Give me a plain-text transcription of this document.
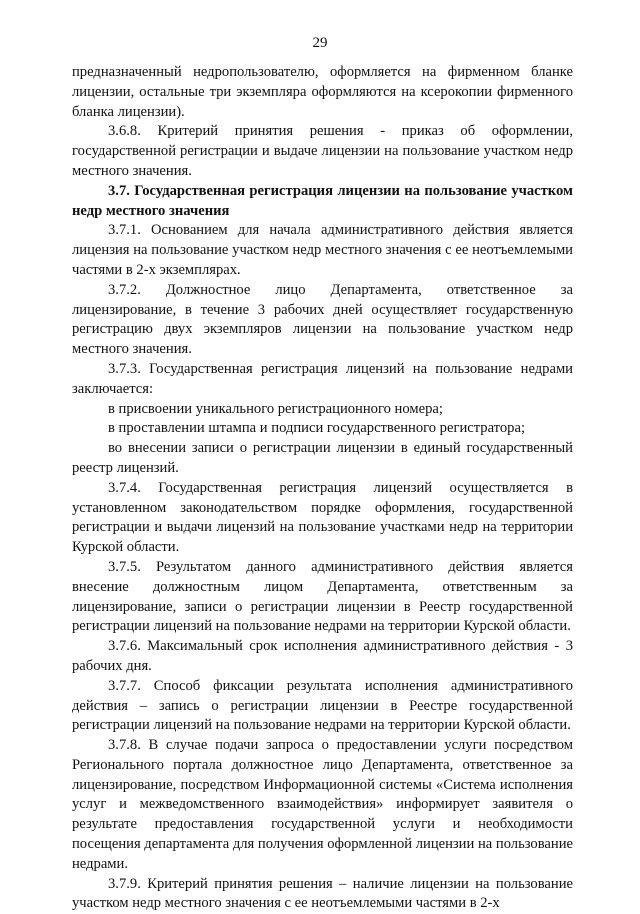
29

предназначенный недропользователю, оформляется на фирменном бланке лицензии, остальные три экземпляра оформляются на ксерокопии фирменного бланка лицензии).

3.6.8. Критерий принятия решения - приказ об оформлении, государственной регистрации и выдаче лицензии на пользование участком недр местного значения.

3.7. Государственная регистрация лицензии на пользование участком недр местного значения

3.7.1. Основанием для начала административного действия является лицензия на пользование участком недр местного значения с ее неотъемлемыми частями в 2-х экземплярах.

3.7.2. Должностное лицо Департамента, ответственное за лицензирование, в течение 3 рабочих дней осуществляет государственную регистрацию двух экземпляров лицензии на пользование участком недр местного значения.

3.7.3. Государственная регистрация лицензий на пользование недрами заключается:

в присвоении уникального регистрационного номера;

в проставлении штампа и подписи государственного регистратора;

во внесении записи о регистрации лицензии в единый государственный реестр лицензий.

3.7.4. Государственная регистрация лицензий осуществляется в установленном законодательством порядке оформления, государственной регистрации и выдачи лицензий на пользование участками недр на территории Курской области.

3.7.5. Результатом данного административного действия является внесение должностным лицом Департамента, ответственным за лицензирование, записи о регистрации лицензии в Реестр государственной регистрации лицензий на пользование недрами на территории Курской области.

3.7.6. Максимальный срок исполнения административного действия - 3 рабочих дня.

3.7.7. Способ фиксации результата исполнения административного действия – запись о регистрации лицензии в Реестре государственной регистрации лицензий на пользование недрами на территории Курской области.

3.7.8. В случае подачи запроса о предоставлении услуги посредством Регионального портала должностное лицо Департамента, ответственное за лицензирование, посредством Информационной системы «Система исполнения услуг и межведомственного взаимодействия» информирует заявителя о результате предоставления государственной услуги и необходимости посещения департамента для получения оформленной лицензии на пользование недрами.

3.7.9. Критерий принятия решения – наличие лицензии на пользование участком недр местного значения с ее неотъемлемыми частями в 2-х
